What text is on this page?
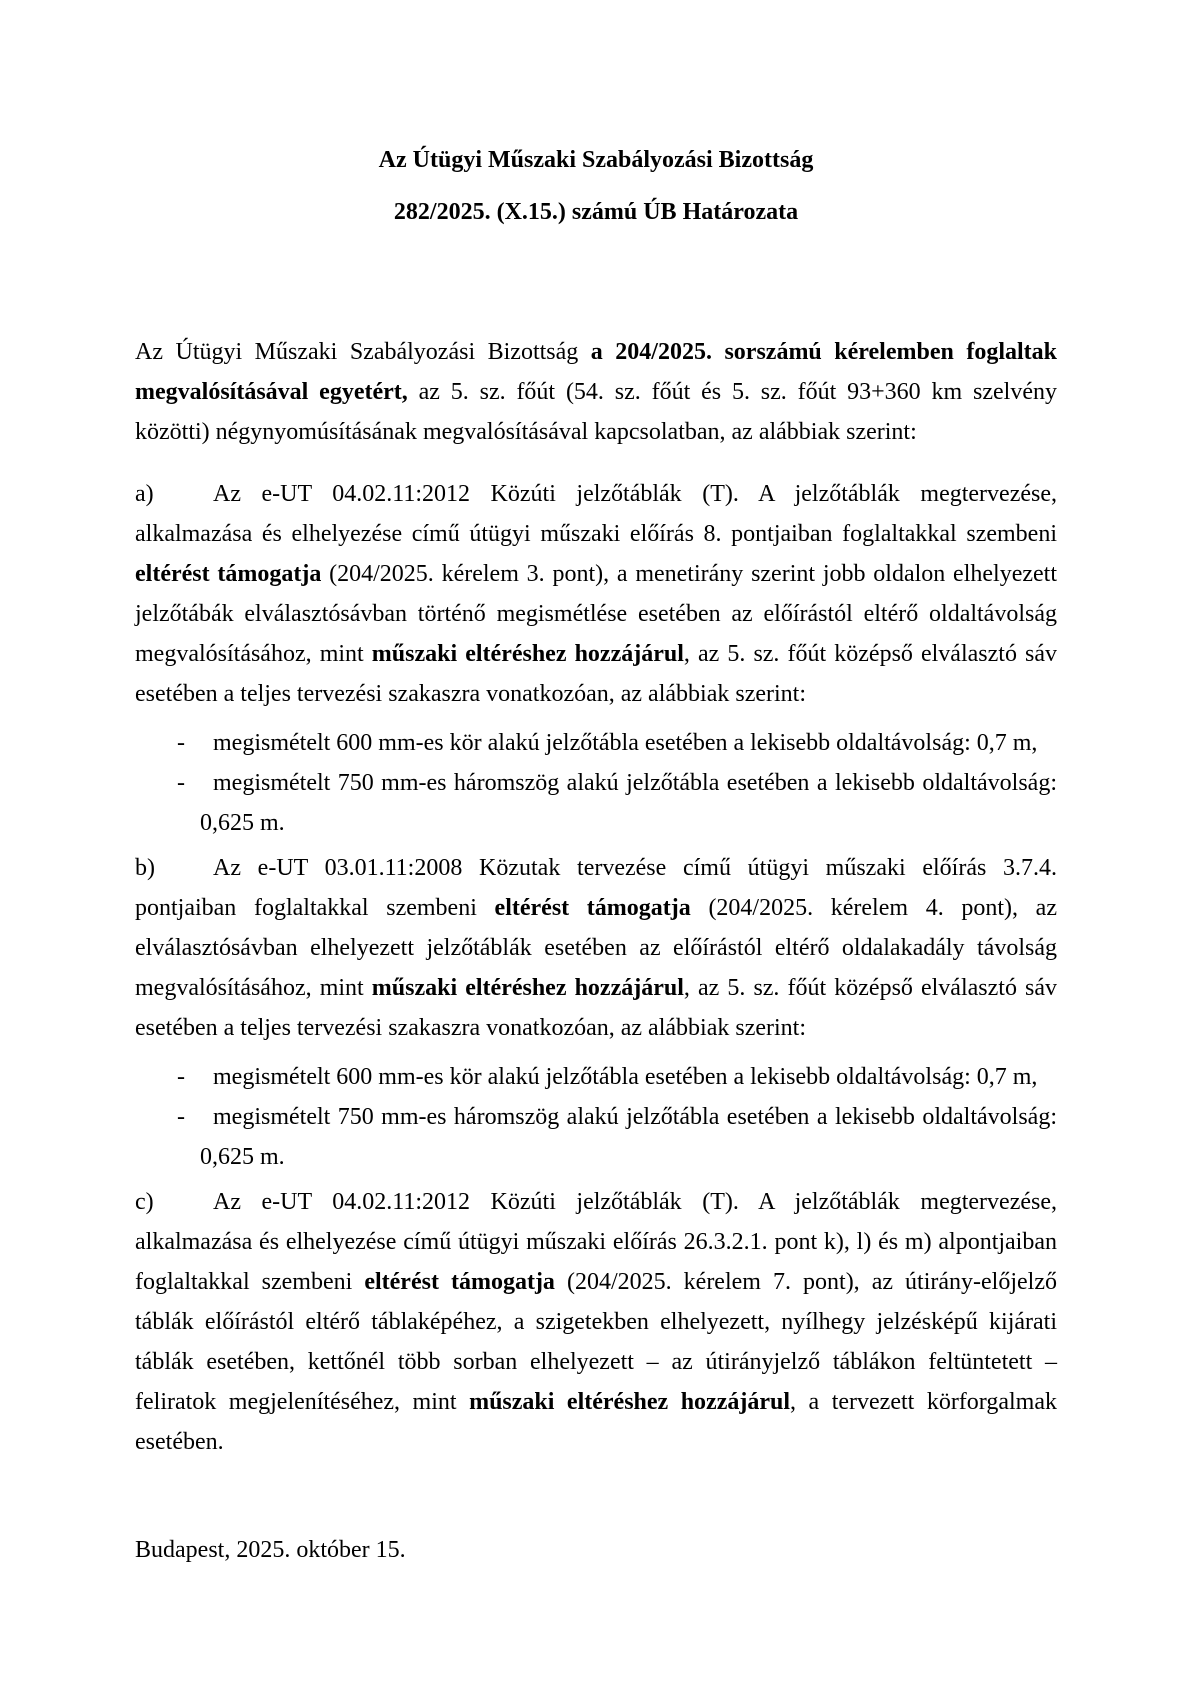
Az Útügyi Műszaki Szabályozási Bizottság
282/2025. (X.15.) számú ÚB Határozata

Az Útügyi Műszaki Szabályozási Bizottság a 204/2025. sorszámú kérelemben foglaltak megvalósításával egyetért, az 5. sz. főút (54. sz. főút és 5. sz. főút 93+360 km szelvény közötti) négynyomúsításának megvalósításával kapcsolatban, az alábbiak szerint:

a) Az e-UT 04.02.11:2012 Közúti jelzőtáblák (T). A jelzőtáblák megtervezése, alkalmazása és elhelyezése című útügyi műszaki előírás 8. pontjaiban foglaltakkal szembeni eltérést támogatja (204/2025. kérelem 3. pont), a menetirány szerint jobb oldalon elhelyezett jelzőtábák elválasztósávban történő megismétlése esetében az előírástól eltérő oldaltávolság megvalósításához, mint műszaki eltéréshez hozzájárul, az 5. sz. főút középső elválasztó sáv esetében a teljes tervezési szakaszra vonatkozóan, az alábbiak szerint:

- megismételt 600 mm-es kör alakú jelzőtábla esetében a lekisebb oldaltávolság: 0,7 m,
- megismételt 750 mm-es háromszög alakú jelzőtábla esetében a lekisebb oldaltávolság: 0,625 m.

b) Az e-UT 03.01.11:2008 Közutak tervezése című útügyi műszaki előírás 3.7.4. pontjaiban foglaltakkal szembeni eltérést támogatja (204/2025. kérelem 4. pont), az elválasztósávban elhelyezett jelzőtáblák esetében az előírástól eltérő oldalakadály távolság megvalósításához, mint műszaki eltéréshez hozzájárul, az 5. sz. főút középső elválasztó sáv esetében a teljes tervezési szakaszra vonatkozóan, az alábbiak szerint:

- megismételt 600 mm-es kör alakú jelzőtábla esetében a lekisebb oldaltávolság: 0,7 m,
- megismételt 750 mm-es háromszög alakú jelzőtábla esetében a lekisebb oldaltávolság: 0,625 m.

c) Az e-UT 04.02.11:2012 Közúti jelzőtáblák (T). A jelzőtáblák megtervezése, alkalmazása és elhelyezése című útügyi műszaki előírás 26.3.2.1. pont k), l) és m) alpontjaiban foglaltakkal szembeni eltérést támogatja (204/2025. kérelem 7. pont), az útirány-előjelző táblák előírástól eltérő táblaképéhez, a szigetekben elhelyezett, nyílhegy jelzésképű kijárati táblák esetében, kettőnél több sorban elhelyezett – az útirányjelző táblákon feltüntetett – feliratok megjelenítéséhez, mint műszaki eltéréshez hozzájárul, a tervezett körforgalmak esetében.

Budapest, 2025. október 15.
